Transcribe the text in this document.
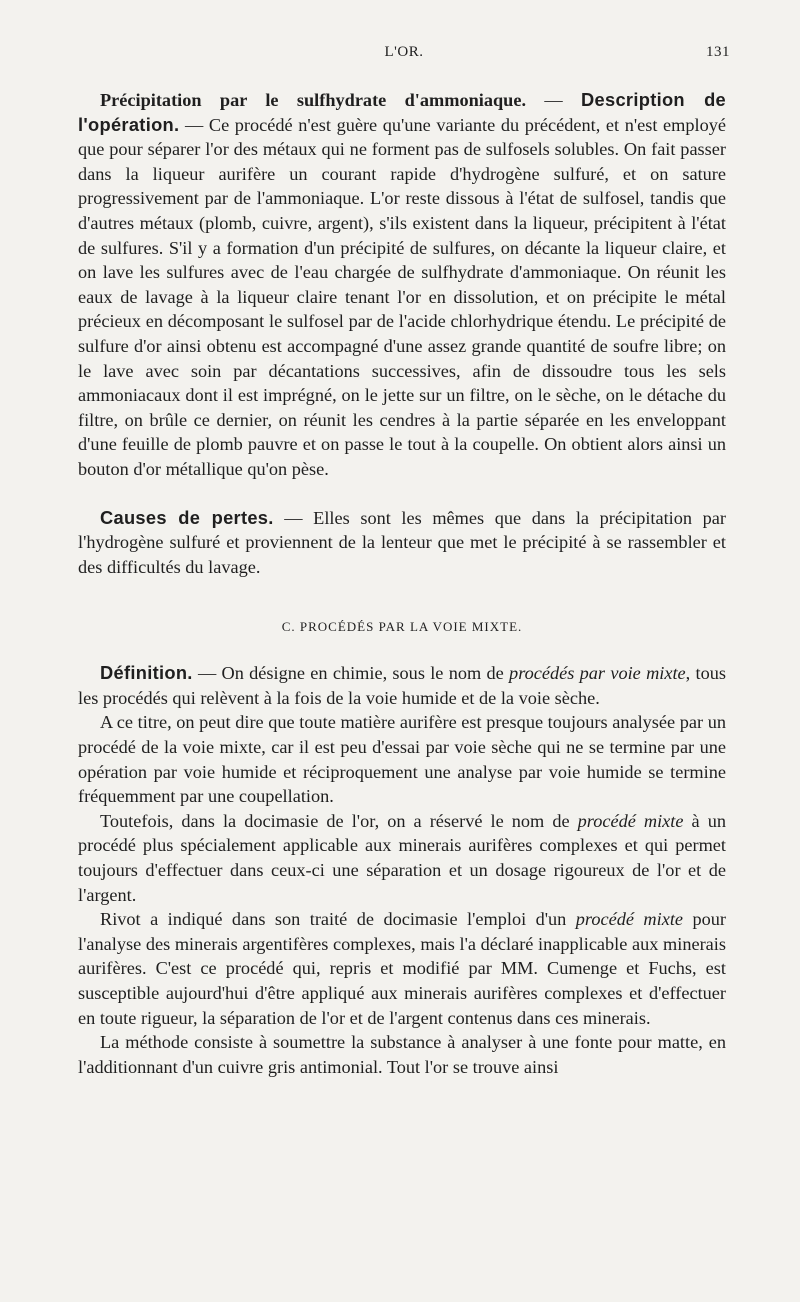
L'OR.	131

Précipitation par le sulfhydrate d'ammoniaque. — Description de l'opération. — Ce procédé n'est guère qu'une variante du précédent, et n'est employé que pour séparer l'or des métaux qui ne forment pas de sulfosels solubles. On fait passer dans la liqueur aurifère un courant rapide d'hydrogène sulfuré, et on sature progressivement par de l'ammoniaque. L'or reste dissous à l'état de sulfosel, tandis que d'autres métaux (plomb, cuivre, argent), s'ils existent dans la liqueur, précipitent à l'état de sulfures. S'il y a formation d'un précipité de sulfures, on décante la liqueur claire, et on lave les sulfures avec de l'eau chargée de sulfhydrate d'ammoniaque. On réunit les eaux de lavage à la liqueur claire tenant l'or en dissolution, et on précipite le métal précieux en décomposant le sulfosel par de l'acide chlorhydrique étendu. Le précipité de sulfure d'or ainsi obtenu est accompagné d'une assez grande quantité de soufre libre; on le lave avec soin par décantations successives, afin de dissoudre tous les sels ammoniacaux dont il est imprégné, on le jette sur un filtre, on le sèche, on le détache du filtre, on brûle ce dernier, on réunit les cendres à la partie séparée en les enveloppant d'une feuille de plomb pauvre et on passe le tout à la coupelle. On obtient alors ainsi un bouton d'or métallique qu'on pèse.

Causes de pertes. — Elles sont les mêmes que dans la précipitation par l'hydrogène sulfuré et proviennent de la lenteur que met le précipité à se rassembler et des difficultés du lavage.

C. PROCÉDÉS PAR LA VOIE MIXTE.

Définition. — On désigne en chimie, sous le nom de procédés par voie mixte, tous les procédés qui relèvent à la fois de la voie humide et de la voie sèche.

A ce titre, on peut dire que toute matière aurifère est presque toujours analysée par un procédé de la voie mixte, car il est peu d'essai par voie sèche qui ne se termine par une opération par voie humide et réciproquement une analyse par voie humide se termine fréquemment par une coupellation.

Toutefois, dans la docimasie de l'or, on a réservé le nom de procédé mixte à un procédé plus spécialement applicable aux minerais aurifères complexes et qui permet toujours d'effectuer dans ceux-ci une séparation et un dosage rigoureux de l'or et de l'argent.

Rivot a indiqué dans son traité de docimasie l'emploi d'un procédé mixte pour l'analyse des minerais argentifères complexes, mais l'a déclaré inapplicable aux minerais aurifères. C'est ce procédé qui, repris et modifié par MM. Cumenge et Fuchs, est susceptible aujourd'hui d'être appliqué aux minerais aurifères complexes et d'effectuer en toute rigueur, la séparation de l'or et de l'argent contenus dans ces minerais.

La méthode consiste à soumettre la substance à analyser à une fonte pour matte, en l'additionnant d'un cuivre gris antimonial. Tout l'or se trouve ainsi
